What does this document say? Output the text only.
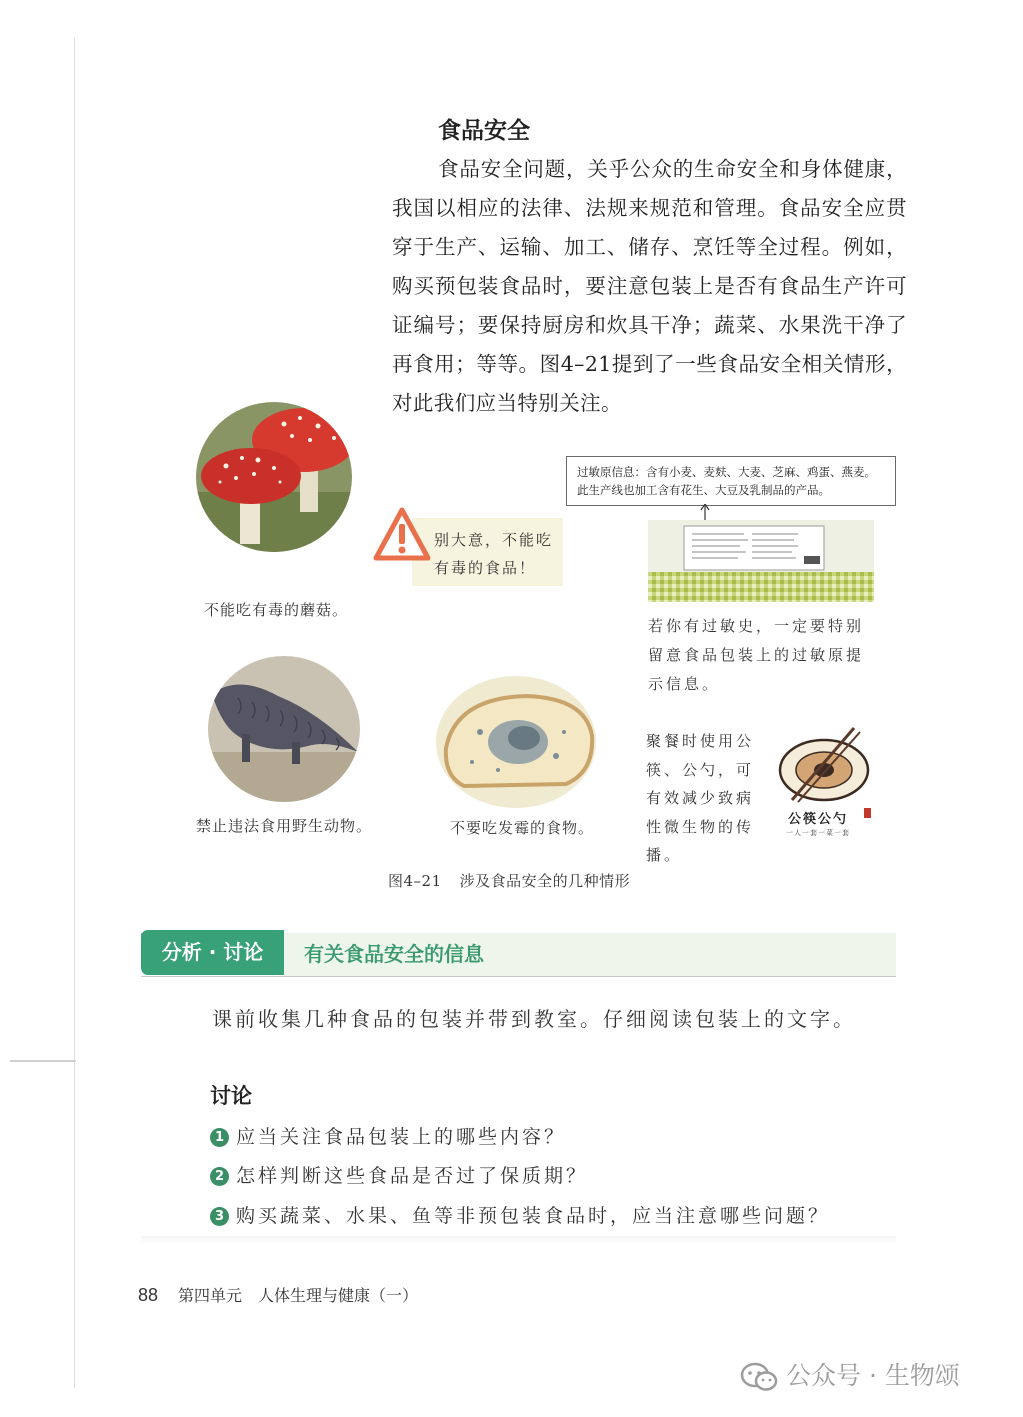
食品安全
食品安全问题，关乎公众的生命安全和身体健康，我国以相应的法律、法规来规范和管理。食品安全应贯穿于生产、运输、加工、储存、烹饪等全过程。例如，购买预包装食品时，要注意包装上是否有食品生产许可证编号；要保持厨房和炊具干净；蔬菜、水果洗干净了再食用；等等。图4–21提到了一些食品安全相关情形，对此我们应当特别关注。
不能吃有毒的蘑菇。
别大意，不能吃
有毒的食品！
过敏原信息：含有小麦、麦麸、大麦、芝麻、鸡蛋、燕麦。
此生产线也加工含有花生、大豆及乳制品的产品。
若你有过敏史，一定要特别留意食品包装上的过敏原提示信息。
禁止违法食用野生动物。	不要吃发霉的食物。
聚餐时使用公筷、公勺，可有效减少致病性微生物的传播。
公筷公勺
一人一套一菜一套
图4–21 涉及食品安全的几种情形
有关食品安全的信息
分析 · 讨论
课前收集几种食品的包装并带到教室。仔细阅读包装上的文字。
讨论
1 应当关注食品包装上的哪些内容？
2 怎样判断这些食品是否过了保质期？
3 购买蔬菜、水果、鱼等非预包装食品时，应当注意哪些问题？
88 第四单元 人体生理与健康（一）
公众号 · 生物颂
